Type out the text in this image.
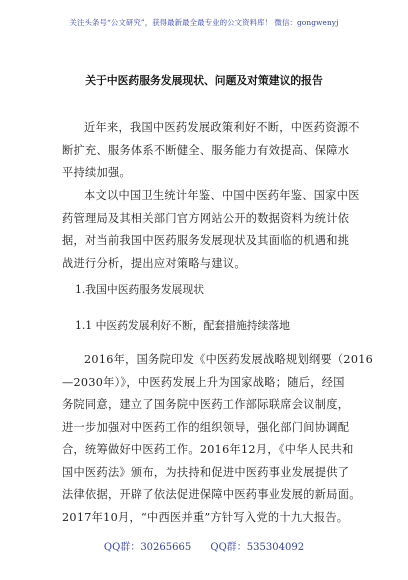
关注头条号“公文研究”，获得最新最全最专业的公文资料库！ 微信：gongwenyj
关于中医药服务发展现状、问题及对策建议的报告
近年来，我国中医药发展政策利好不断，中医药资源不
断扩充、服务体系不断健全、服务能力有效提高、保障水
平持续加强。
本文以中国卫生统计年鉴、中国中医药年鉴、国家中医
药管理局及其相关部门官方网站公开的数据资料为统计依
据，对当前我国中医药服务发展现状及其面临的机遇和挑
战进行分析，提出应对策略与建议。
1.我国中医药服务发展现状
1.1 中医药发展利好不断，配套措施持续落地
2016年，国务院印发《中医药发展战略规划纲要（2016
—2030年）》，中医药发展上升为国家战略；随后，经国
务院同意，建立了国务院中医药工作部际联席会议制度，
进一步加强对中医药工作的组织领导，强化部门间协调配
合，统筹做好中医药工作。2016年12月，《中华人民共和
国中医药法》颁布，为扶持和促进中医药事业发展提供了
法律依据，开辟了依法促进保障中医药事业发展的新局面。
2017年10月，“中西医并重”方针写入党的十九大报告。
QQ群：30265665 QQ群：535304092
